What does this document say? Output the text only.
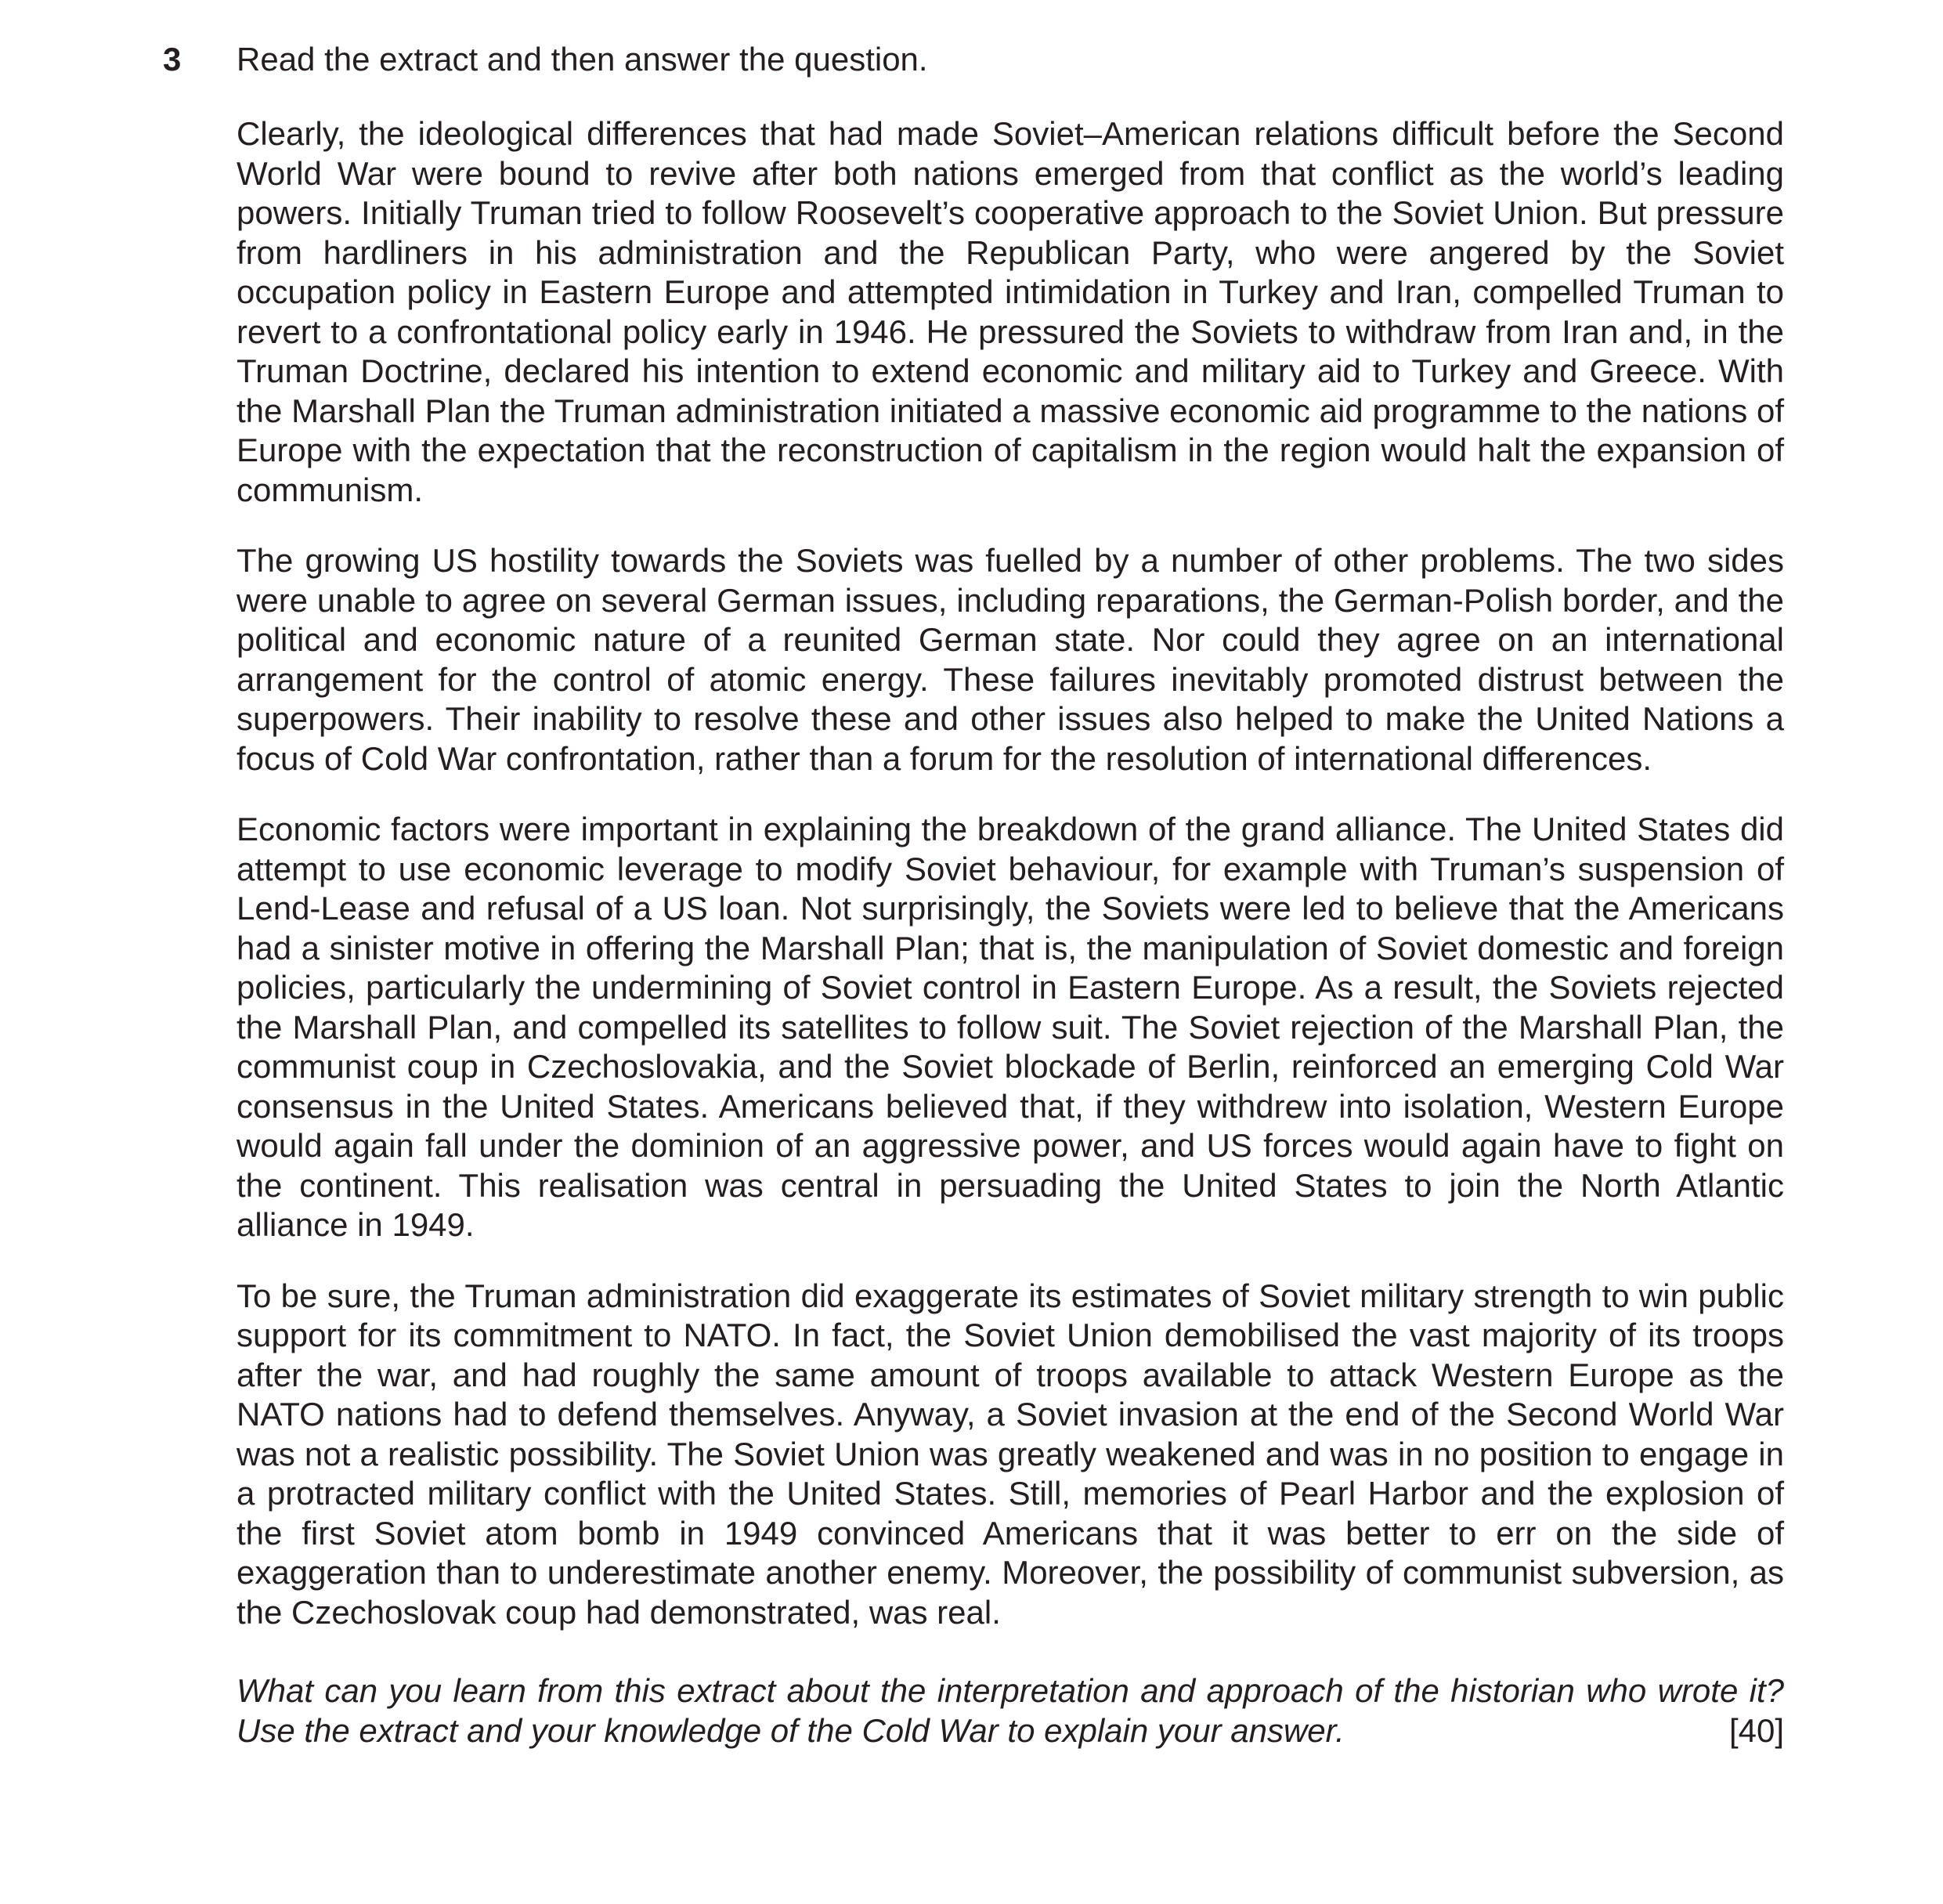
3 Read the extract and then answer the question.

Clearly, the ideological differences that had made Soviet–American relations difficult before the Second World War were bound to revive after both nations emerged from that conflict as the world’s leading powers. Initially Truman tried to follow Roosevelt’s cooperative approach to the Soviet Union. But pressure from hardliners in his administration and the Republican Party, who were angered by the Soviet occupation policy in Eastern Europe and attempted intimidation in Turkey and Iran, compelled Truman to revert to a confrontational policy early in 1946. He pressured the Soviets to withdraw from Iran and, in the Truman Doctrine, declared his intention to extend economic and military aid to Turkey and Greece. With the Marshall Plan the Truman administration initiated a massive economic aid programme to the nations of Europe with the expectation that the reconstruction of capitalism in the region would halt the expansion of communism.

The growing US hostility towards the Soviets was fuelled by a number of other problems. The two sides were unable to agree on several German issues, including reparations, the German-Polish border, and the political and economic nature of a reunited German state. Nor could they agree on an international arrangement for the control of atomic energy. These failures inevitably promoted distrust between the superpowers. Their inability to resolve these and other issues also helped to make the United Nations a focus of Cold War confrontation, rather than a forum for the resolution of international differences.

Economic factors were important in explaining the breakdown of the grand alliance. The United States did attempt to use economic leverage to modify Soviet behaviour, for example with Truman’s suspension of Lend-Lease and refusal of a US loan. Not surprisingly, the Soviets were led to believe that the Americans had a sinister motive in offering the Marshall Plan; that is, the manipulation of Soviet domestic and foreign policies, particularly the undermining of Soviet control in Eastern Europe. As a result, the Soviets rejected the Marshall Plan, and compelled its satellites to follow suit. The Soviet rejection of the Marshall Plan, the communist coup in Czechoslovakia, and the Soviet blockade of Berlin, reinforced an emerging Cold War consensus in the United States. Americans believed that, if they withdrew into isolation, Western Europe would again fall under the dominion of an aggressive power, and US forces would again have to fight on the continent. This realisation was central in persuading the United States to join the North Atlantic alliance in 1949.

To be sure, the Truman administration did exaggerate its estimates of Soviet military strength to win public support for its commitment to NATO. In fact, the Soviet Union demobilised the vast majority of its troops after the war, and had roughly the same amount of troops available to attack Western Europe as the NATO nations had to defend themselves. Anyway, a Soviet invasion at the end of the Second World War was not a realistic possibility. The Soviet Union was greatly weakened and was in no position to engage in a protracted military conflict with the United States. Still, memories of Pearl Harbor and the explosion of the first Soviet atom bomb in 1949 convinced Americans that it was better to err on the side of exaggeration than to underestimate another enemy. Moreover, the possibility of communist subversion, as the Czechoslovak coup had demonstrated, was real.

What can you learn from this extract about the interpretation and approach of the historian who wrote it? Use the extract and your knowledge of the Cold War to explain your answer.	[40]
